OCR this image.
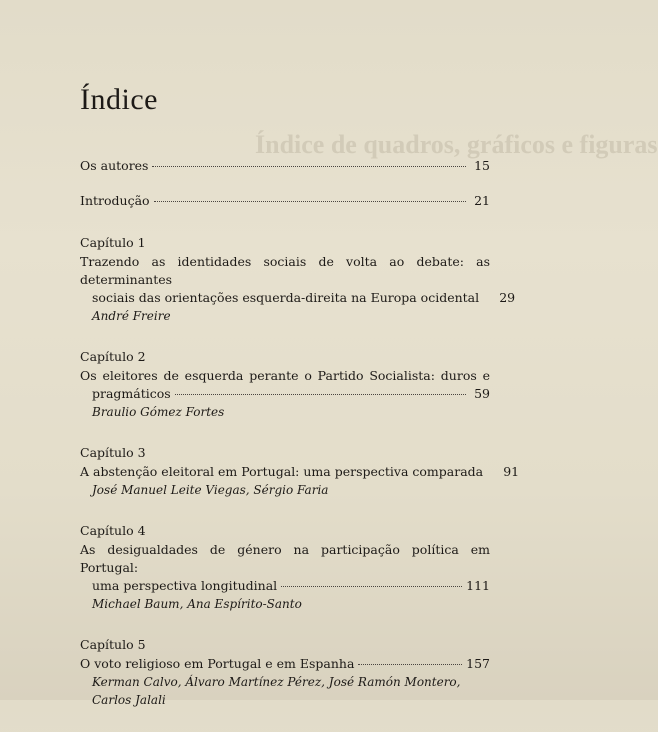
Índice de quadros, gráficos e figuras
Índice
Os autores	15
Introdução	21
Capítulo 1
Trazendo as identidades sociais de volta ao debate: as determinantes
sociais das orientações esquerda-direita na Europa ocidental	29
André Freire
Capítulo 2
Os eleitores de esquerda perante o Partido Socialista: duros e
pragmáticos	59
Braulio Gómez Fortes
Capítulo 3
A abstenção eleitoral em Portugal: uma perspectiva comparada	91
José Manuel Leite Viegas, Sérgio Faria
Capítulo 4
As desigualdades de género na participação política em Portugal:
uma perspectiva longitudinal	111
Michael Baum, Ana Espírito-Santo
Capítulo 5
O voto religioso em Portugal e em Espanha	157
Kerman Calvo, Álvaro Martínez Pérez, José Ramón Montero,
Carlos Jalali
